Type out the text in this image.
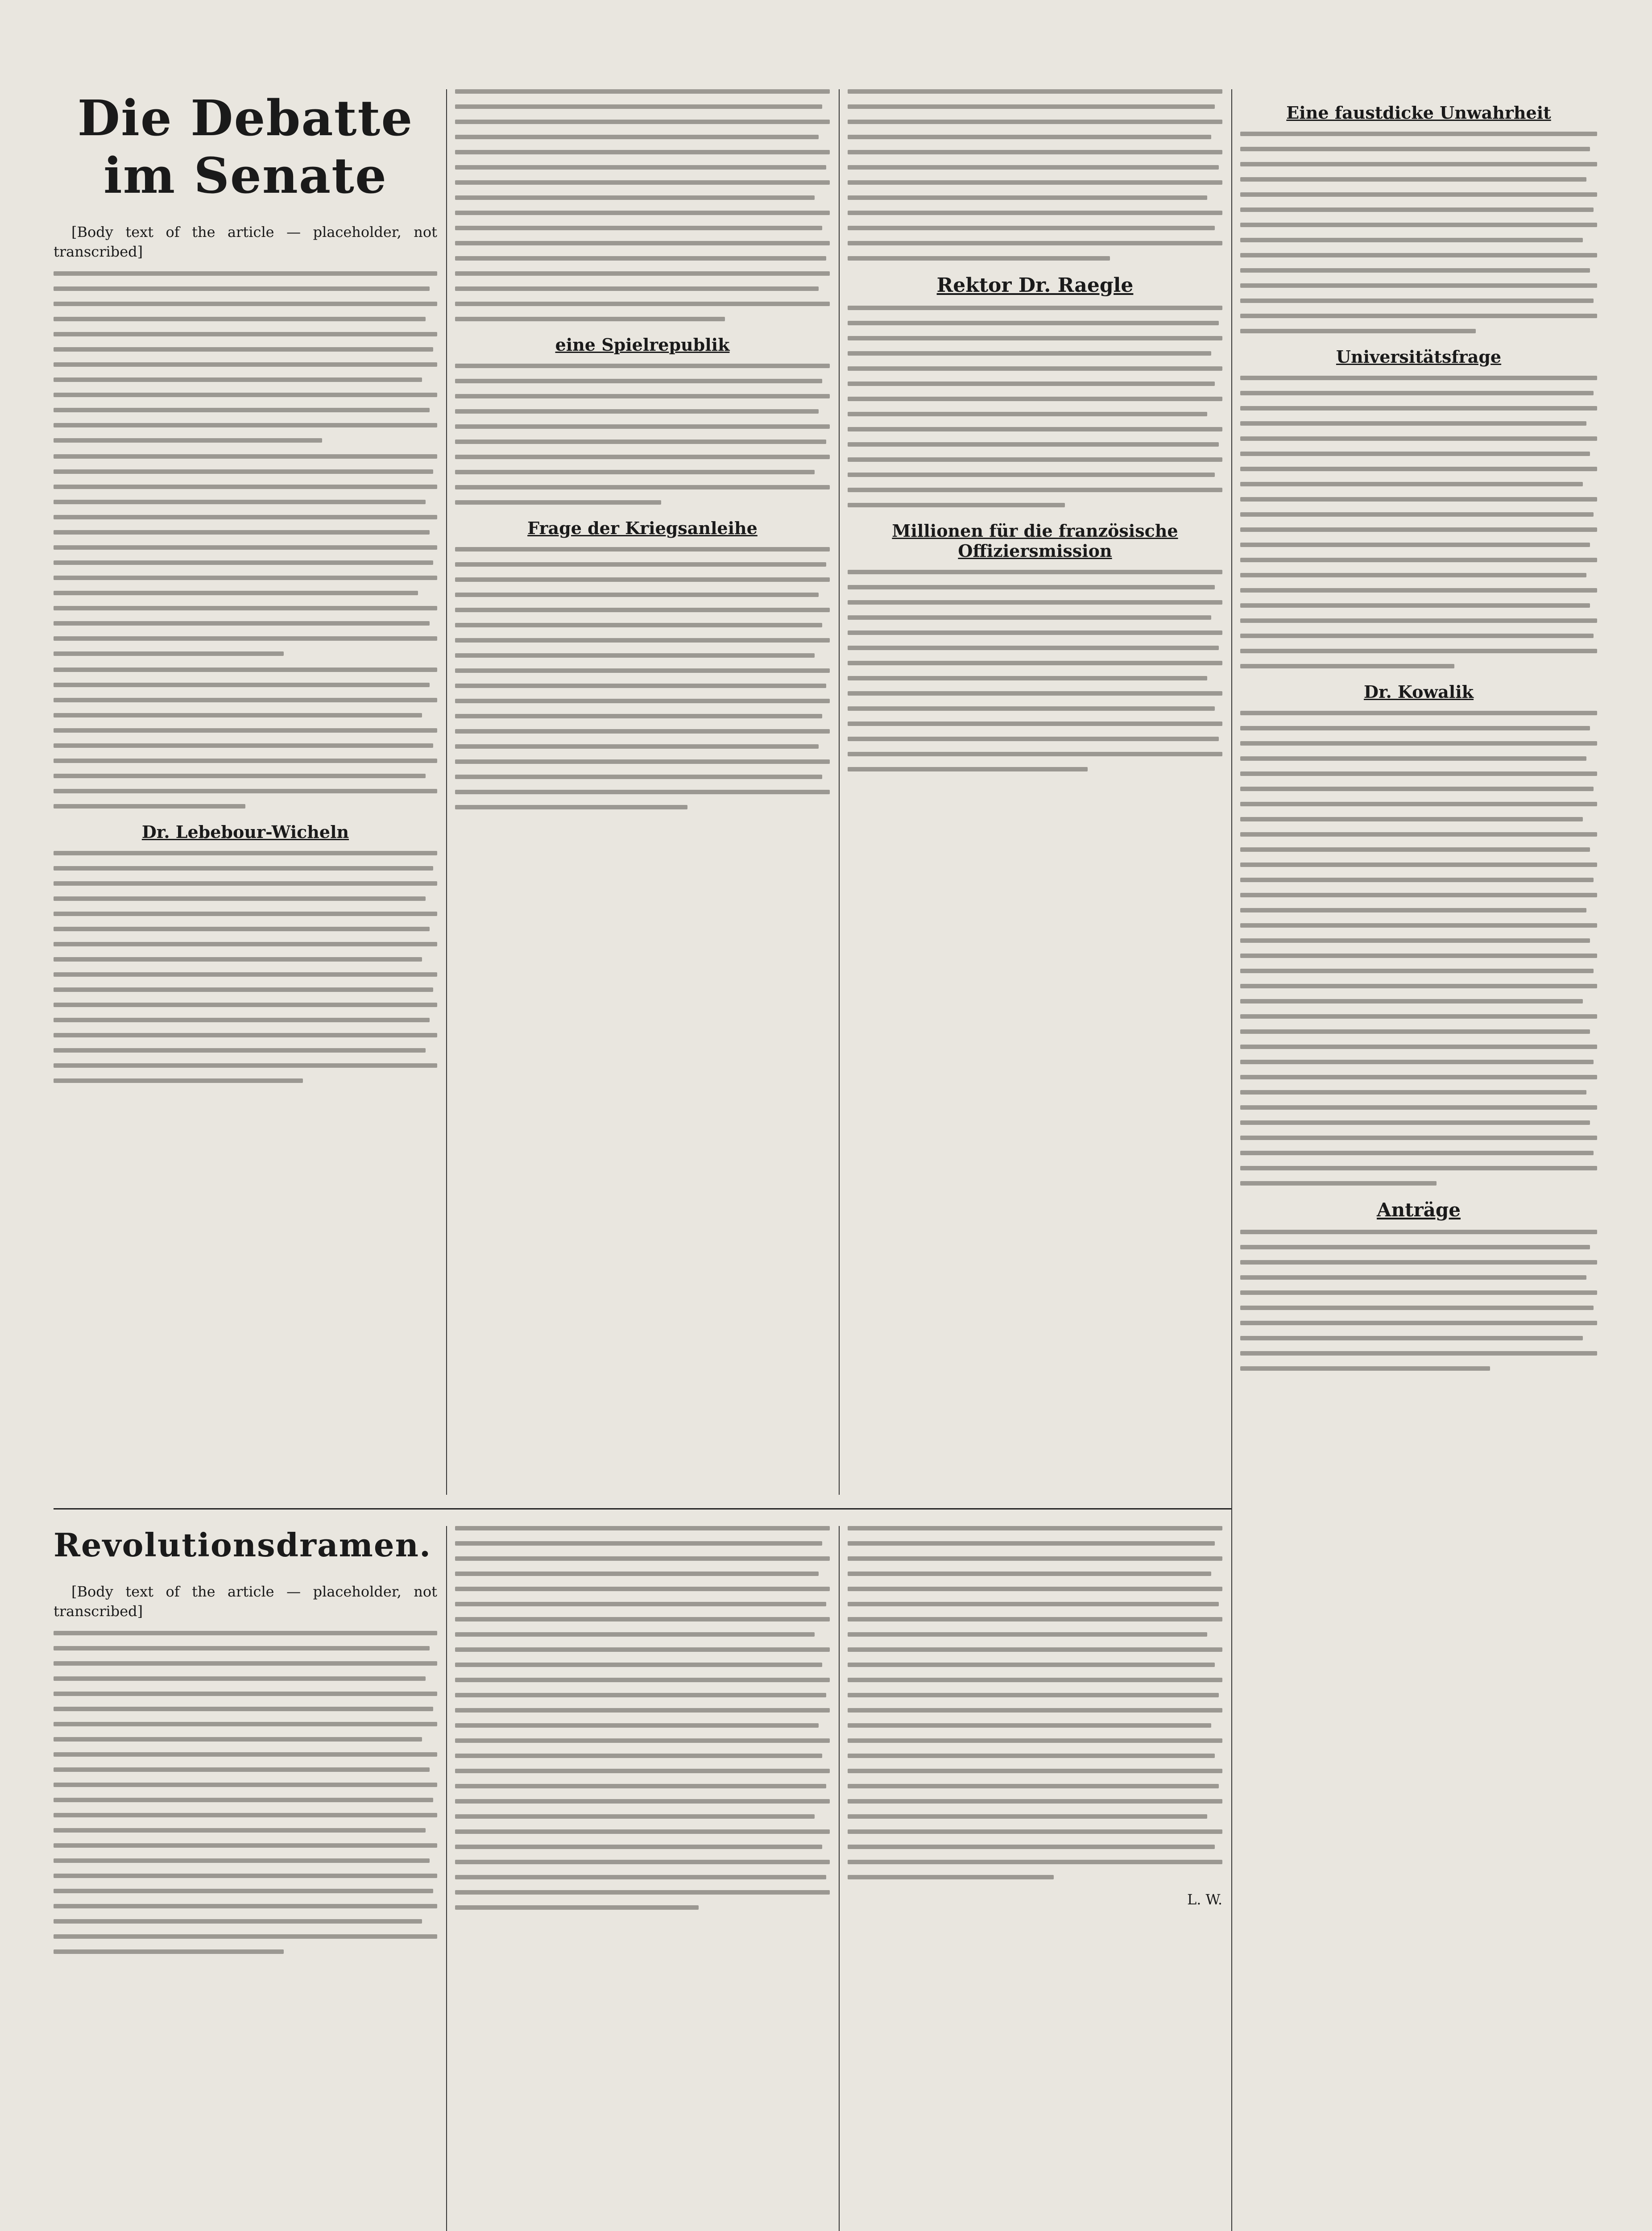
Die Debatte im Senate

[Body text of the article — placeholder, not transcribed]

Dr. Lebebour-Wicheln
eine Spielrepublik
Frage der Kriegsanleihe
Rektor Dr. Raegle
Millionen für die französische Offiziersmission
Eine faustdicke Unwahrheit
Universitätsfrage
Dr. Kowalik
Anträge
Revolutionsdramen.

[Body text of the article — placeholder, not transcribed]

L. W.
